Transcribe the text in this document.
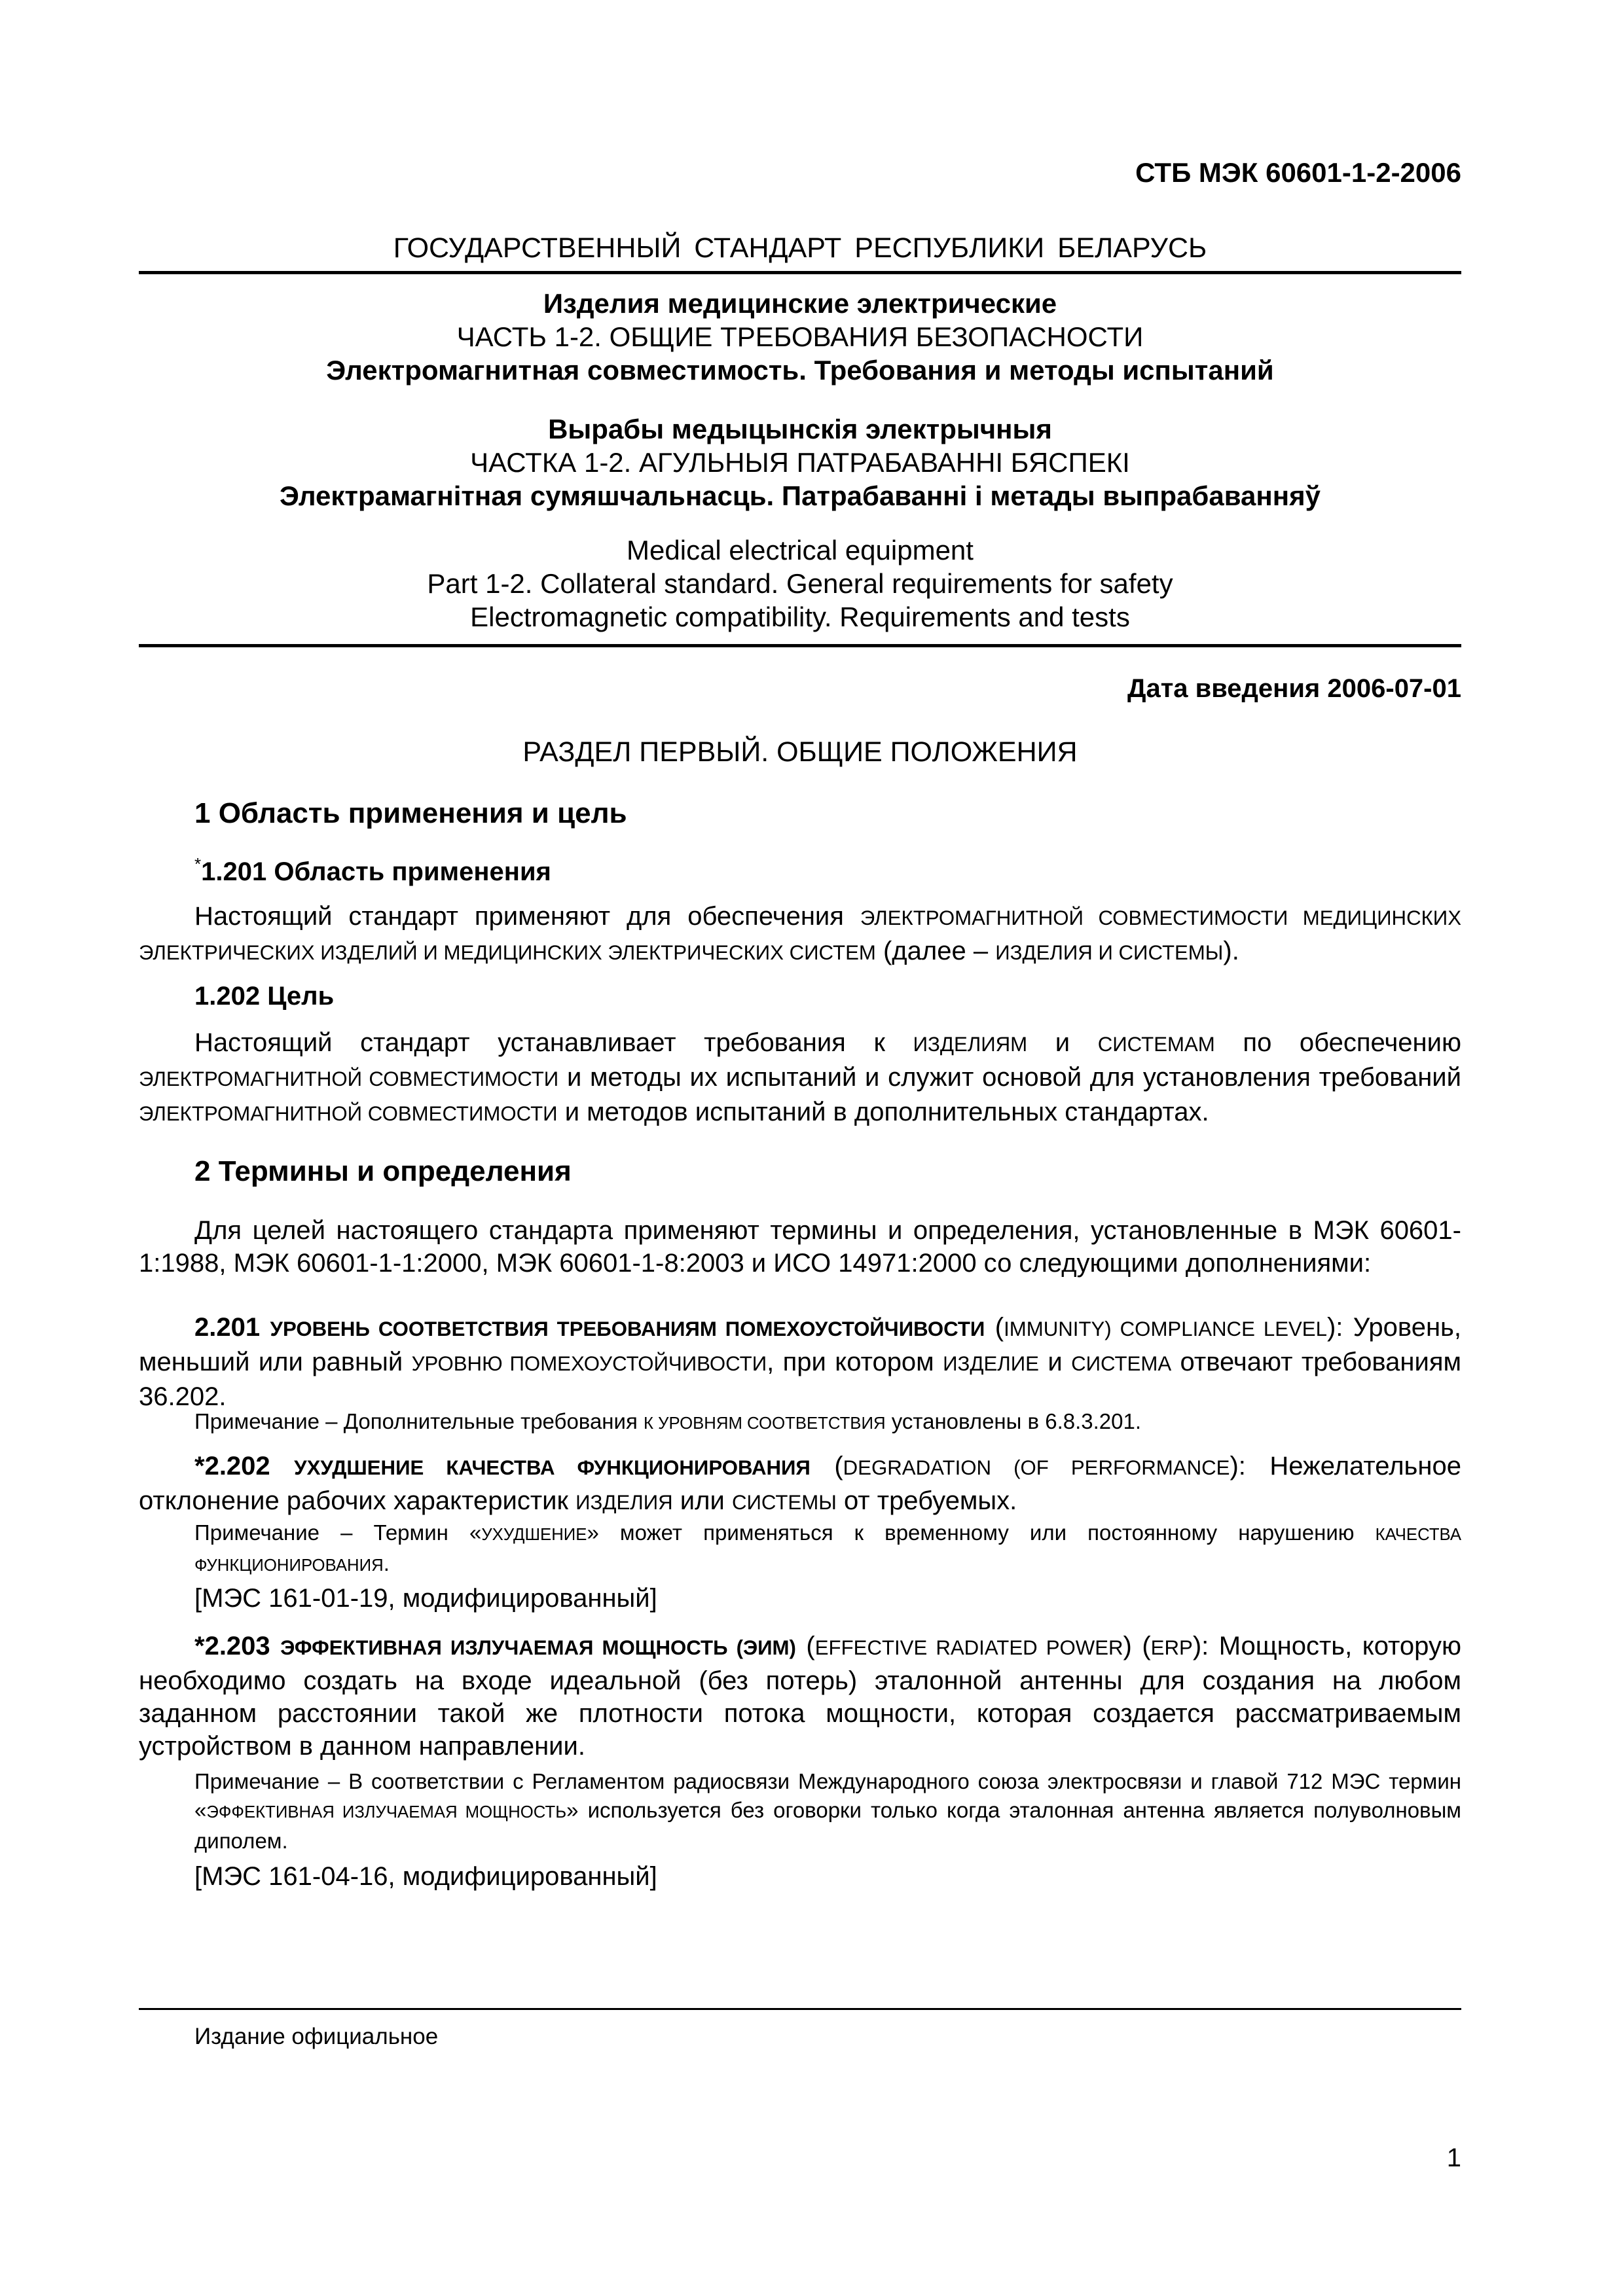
СТБ МЭК 60601-1-2-2006
ГОСУДАРСТВЕННЫЙ СТАНДАРТ РЕСПУБЛИКИ БЕЛАРУСЬ
Изделия медицинские электрические
ЧАСТЬ 1-2. ОБЩИЕ ТРЕБОВАНИЯ БЕЗОПАСНОСТИ
Электромагнитная совместимость. Требования и методы испытаний
Вырабы медыцынскія электрычныя
ЧАСТКА 1-2. АГУЛЬНЫЯ ПАТРАБАВАННІ БЯСПЕКІ
Электрамагнітная сумяшчальнасць. Патрабаванні і метады выпрабаванняў
Medical electrical equipment
Part 1-2. Collateral standard. General requirements for safety
Electromagnetic compatibility. Requirements and tests
Дата введения 2006-07-01
РАЗДЕЛ ПЕРВЫЙ. ОБЩИЕ ПОЛОЖЕНИЯ
1 Область применения и цель
*1.201 Область применения
Настоящий стандарт применяют для обеспечения ЭЛЕКТРОМАГНИТНОЙ СОВМЕСТИМОСТИ МЕДИЦИНСКИХ ЭЛЕКТРИЧЕСКИХ ИЗДЕЛИЙ И МЕДИЦИНСКИХ ЭЛЕКТРИЧЕСКИХ СИСТЕМ (далее – ИЗДЕЛИЯ И СИСТЕМЫ).
1.202 Цель
Настоящий стандарт устанавливает требования к ИЗДЕЛИЯМ и СИСТЕМАМ по обеспечению ЭЛЕКТРОМАГНИТНОЙ СОВМЕСТИМОСТИ и методы их испытаний и служит основой для установления требований ЭЛЕКТРОМАГНИТНОЙ СОВМЕСТИМОСТИ и методов испытаний в дополнительных стандартах.
2 Термины и определения
Для целей настоящего стандарта применяют термины и определения, установленные в МЭК 60601-1:1988, МЭК 60601-1-1:2000, МЭК 60601-1-8:2003 и ИСО 14971:2000 со следующими дополнениями:
2.201 УРОВЕНЬ СООТВЕТСТВИЯ ТРЕБОВАНИЯМ ПОМЕХОУСТОЙЧИВОСТИ (IMMUNITY) COMPLIANCE LEVEL): Уровень, меньший или равный УРОВНЮ ПОМЕХОУСТОЙЧИВОСТИ, при котором ИЗДЕЛИЕ и СИСТЕМА отвечают требованиям 36.202.
Примечание – Дополнительные требования К УРОВНЯМ СООТВЕТСТВИЯ установлены в 6.8.3.201.
*2.202 УХУДШЕНИЕ КАЧЕСТВА ФУНКЦИОНИРОВАНИЯ (DEGRADATION (OF PERFORMANCE): Нежелательное отклонение рабочих характеристик ИЗДЕЛИЯ или СИСТЕМЫ от требуемых.
Примечание – Термин «УХУДШЕНИЕ» может применяться к временному или постоянному нарушению КАЧЕСТВА ФУНКЦИОНИРОВАНИЯ.
[МЭС 161-01-19, модифицированный]
*2.203 ЭФФЕКТИВНАЯ ИЗЛУЧАЕМАЯ МОЩНОСТЬ (ЭИМ) (EFFECTIVE RADIATED POWER) (ERP): Мощность, которую необходимо создать на входе идеальной (без потерь) эталонной антенны для создания на любом заданном расстоянии такой же плотности потока мощности, которая создается рассматриваемым устройством в данном направлении.
Примечание – В соответствии с Регламентом радиосвязи Международного союза электросвязи и главой 712 МЭС термин «ЭФФЕКТИВНАЯ ИЗЛУЧАЕМАЯ МОЩНОСТЬ» используется без оговорки только когда эталонная антенна является полуволновым диполем.
[МЭС 161-04-16, модифицированный]
Издание официальное
1
